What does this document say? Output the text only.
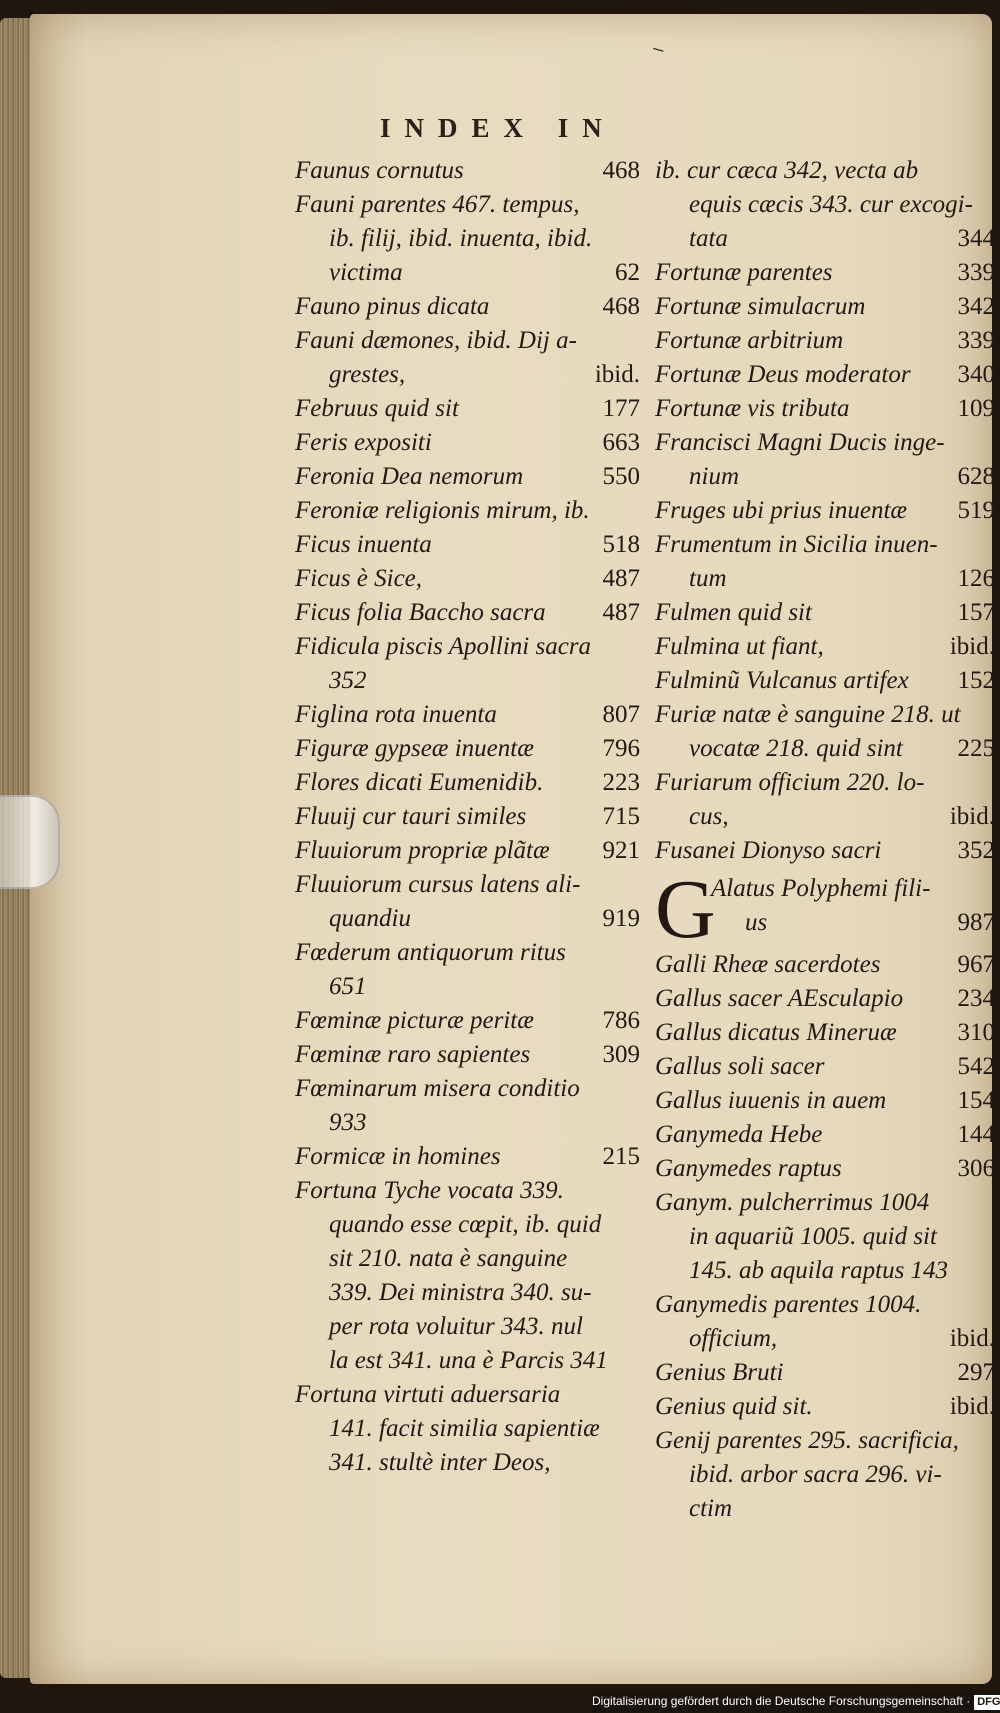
⸜
INDEX IN
Faunus cornutus	468
Fauni parentes 467. tempus,
ib. filij, ibid. inuenta, ibid.
victima	62
Fauno pinus dicata	468
Fauni dæmones, ibid. Dij a-
grestes,	ibid.
Februus quid sit	177
Feris expositi	663
Feronia Dea nemorum	550
Feroniæ religionis mirum, ib.
Ficus inuenta	518
Ficus è Sice,	487
Ficus folia Baccho sacra 487
Fidicula piscis Apollini sacra
352
Figlina rota inuenta	807
Figuræ gypseæ inuentæ	796
Flores dicati Eumenidib. 223
Fluuij cur tauri similes	715
Fluuiorum propriæ plãtæ 921
Fluuiorum cursus latens ali-
quandiu	919
Fœderum antiquorum ritus
651
Fœminæ picturæ peritæ	786
Fœminæ raro sapientes	309
Fœminarum misera conditio
933
Formicæ in homines	215
Fortuna Tyche vocata 339.
quando esse cœpit, ib. quid
sit 210. nata è sanguine
339. Dei ministra 340. su-
per rota voluitur 343. nul
la est 341. una è Parcis 341
Fortuna virtuti aduersaria
141. facit similia sapientiæ
341. stultè inter Deos,
ib. cur cæca 342, vecta ab
equis cæcis 343. cur excogi-
tata	344
Fortunæ parentes	339
Fortunæ simulacrum	342
Fortunæ arbitrium	339
Fortunæ Deus moderator 340
Fortunæ vis tributa	109
Francisci Magni Ducis inge-
nium	628
Fruges ubi prius inuentæ 519
Frumentum in Sicilia inuen-
tum	126
Fulmen quid sit	157
Fulmina ut fiant,	ibid.
Fulminũ Vulcanus artifex 152
Furiæ natæ è sanguine 218. ut
vocatæ 218. quid sint 225
Furiarum officium 220. lo-
cus,	ibid.
Fusanei Dionyso sacri	352
G
Alatus Polyphemi fili-
us	987
Galli Rheæ sacerdotes	967
Gallus sacer AEsculapio 234
Gallus dicatus Mineruæ 310
Gallus soli sacer	542
Gallus iuuenis in auem	154
Ganymeda Hebe	144
Ganymedes raptus	306
Ganym. pulcherrimus 1004
in aquariũ 1005. quid sit
145. ab aquila raptus 143
Ganymedis parentes 1004.
officium,	ibid.
Genius Bruti	297
Genius quid sit.	ibid.
Genij parentes 295. sacrificia,
ibid. arbor sacra 296. vi-
ctim
Digitalisierung gefördert durch die Deutsche Forschungsgemeinschaft · DFG
